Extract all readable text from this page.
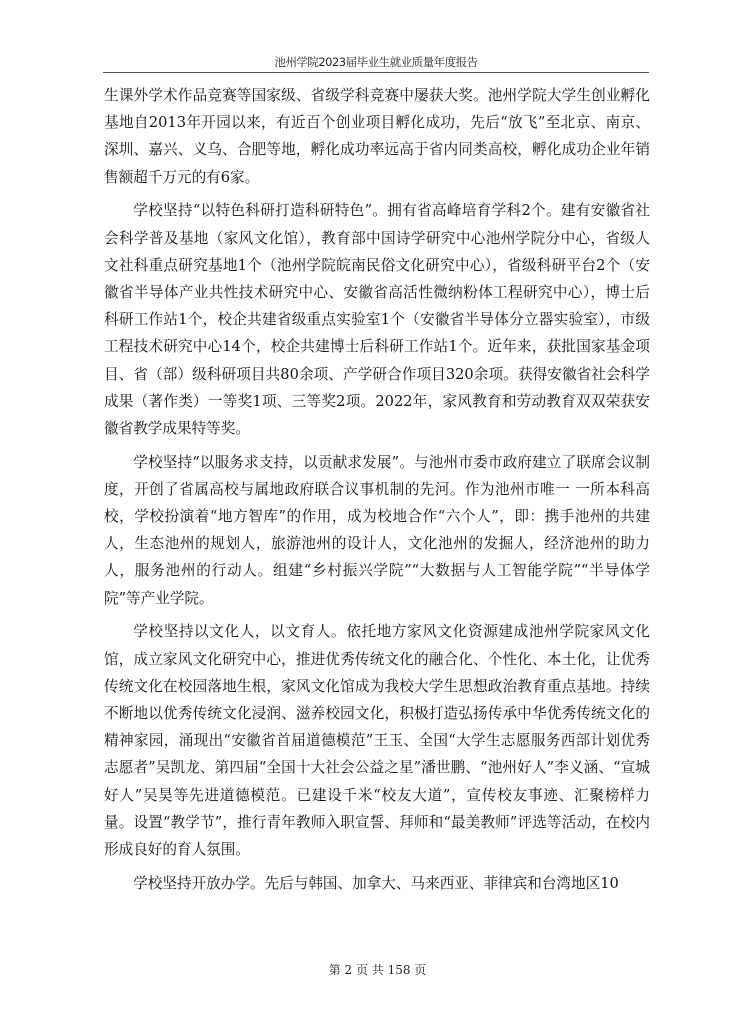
池州学院2023届毕业生就业质量年度报告

生课外学术作品竞赛等国家级、省级学科竞赛中屡获大奖。池州学院大学生创业孵化基地自2013年开园以来，有近百个创业项目孵化成功，先后“放飞”至北京、南京、深圳、嘉兴、义乌、合肥等地，孵化成功率远高于省内同类高校，孵化成功企业年销售额超千万元的有6家。

学校坚持“以特色科研打造科研特色”。拥有省高峰培育学科2个。建有安徽省社会科学普及基地（家风文化馆），教育部中国诗学研究中心池州学院分中心，省级人文社科重点研究基地1个（池州学院皖南民俗文化研究中心），省级科研平台2个（安徽省半导体产业共性技术研究中心、安徽省高活性微纳粉体工程研究中心），博士后科研工作站1个，校企共建省级重点实验室1个（安徽省半导体分立器实验室），市级工程技术研究中心14个，校企共建博士后科研工作站1个。近年来，获批国家基金项目、省（部）级科研项目共80余项、产学研合作项目320余项。获得安徽省社会科学成果（著作类）一等奖1项、三等奖2项。2022年，家风教育和劳动教育双双荣获安徽省教学成果特等奖。

学校坚持“以服务求支持，以贡献求发展”。与池州市委市政府建立了联席会议制度，开创了省属高校与属地政府联合议事机制的先河。作为池州市唯一 一所本科高校，学校扮演着“地方智库”的作用，成为校地合作“六个人”，即：携手池州的共建人，生态池州的规划人，旅游池州的设计人，文化池州的发掘人，经济池州的助力人，服务池州的行动人。组建“乡村振兴学院”“大数据与人工智能学院”“半导体学院”等产业学院。

学校坚持以文化人，以文育人。依托地方家风文化资源建成池州学院家风文化馆，成立家风文化研究中心，推进优秀传统文化的融合化、个性化、本土化，让优秀传统文化在校园落地生根，家风文化馆成为我校大学生思想政治教育重点基地。持续不断地以优秀传统文化浸润、滋养校园文化，积极打造弘扬传承中华优秀传统文化的精神家园，涌现出“安徽省首届道德模范”王玉、全国“大学生志愿服务西部计划优秀志愿者”吴凯龙、第四届“全国十大社会公益之星”潘世鹏、“池州好人”李义涵、“宣城好人”吴昊等先进道德模范。已建设千米“校友大道”，宣传校友事迹、汇聚榜样力量。设置“教学节”，推行青年教师入职宣誓、拜师和“最美教师”评选等活动，在校内形成良好的育人氛围。

学校坚持开放办学。先后与韩国、加拿大、马来西亚、菲律宾和台湾地区10

第 2 页 共 158 页
